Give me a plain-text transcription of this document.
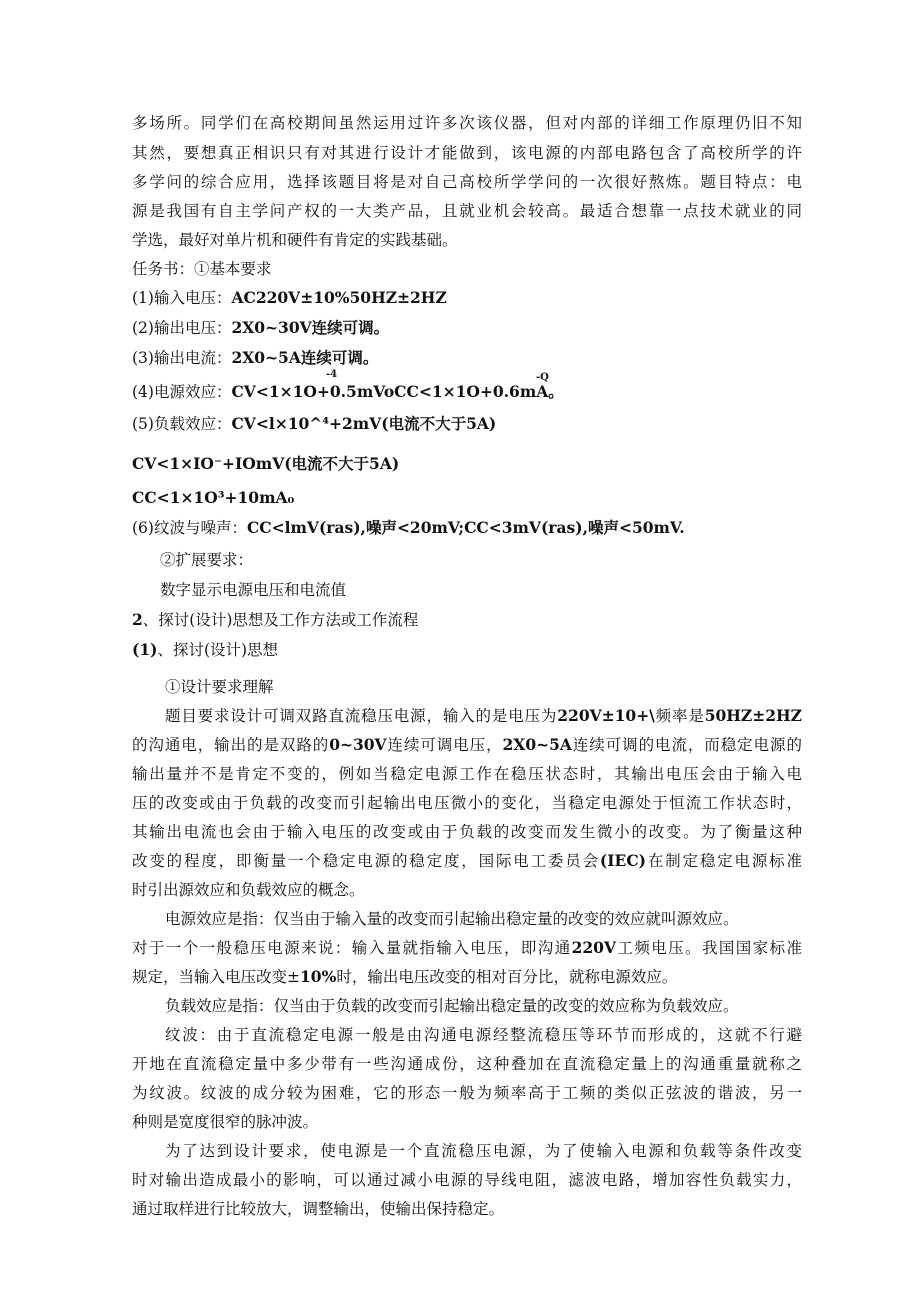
多场所。同学们在高校期间虽然运用过许多次该仪器，但对内部的详细工作原理仍旧不知
其然，要想真正相识只有对其进行设计才能做到，该电源的内部电路包含了高校所学的许
多学问的综合应用，选择该题目将是对自己高校所学学问的一次很好熬炼。题目特点：电
源是我国有自主学问产权的一大类产品，且就业机会较高。最适合想靠一点技术就业的同
学选，最好对单片机和硬件有肯定的实践基础。
任务书：①基本要求
(1)输入电压：AC220V±10%50HZ±2HZ
(2)输出电压：2X0~30V连续可调。
(3)输出电流：2X0~5A连续可调。
-4	-Q
(4)电源效应：CV<1×1O+0.5mVoCC<1×1O+0.6mA。
(5)负载效应：CV<l×10^⁴+2mV(电流不大于5A)
CV<1×IO⁻+IOmV(电流不大于5A)
CC<1×1O³+10mA₀
(6)纹波与噪声：CC<lmV(ras),噪声<20mV;CC<3mV(ras),噪声<50mV.
②扩展要求：
数字显示电源电压和电流值
2、探讨(设计)思想及工作方法或工作流程
(1)、探讨(设计)思想
①设计要求理解
题目要求设计可调双路直流稳压电源，输入的是电压为220V±10+\频率是50HZ±2HZ
的沟通电，输出的是双路的0~30V连续可调电压，2X0~5A连续可调的电流，而稳定电源的
输出量并不是肯定不变的，例如当稳定电源工作在稳压状态时，其输出电压会由于输入电
压的改变或由于负载的改变而引起输出电压微小的变化，当稳定电源处于恒流工作状态时，
其输出电流也会由于输入电压的改变或由于负载的改变而发生微小的改变。为了衡量这种
改变的程度，即衡量一个稳定电源的稳定度，国际电工委员会(IEC)在制定稳定电源标准
时引出源效应和负载效应的概念。
电源效应是指：仅当由于输入量的改变而引起输出稳定量的改变的效应就叫源效应。
对于一个一般稳压电源来说：输入量就指输入电压，即沟通220V工频电压。我国国家标准
规定，当输入电压改变±10%时，输出电压改变的相对百分比，就称电源效应。
负载效应是指：仅当由于负载的改变而引起输出稳定量的改变的效应称为负载效应。
纹波：由于直流稳定电源一般是由沟通电源经整流稳压等环节而形成的，这就不行避
开地在直流稳定量中多少带有一些沟通成份，这种叠加在直流稳定量上的沟通重量就称之
为纹波。纹波的成分较为困难，它的形态一般为频率高于工频的类似正弦波的谐波，另一
种则是宽度很窄的脉冲波。
为了达到设计要求，使电源是一个直流稳压电源，为了使输入电源和负载等条件改变
时对输出造成最小的影响，可以通过减小电源的导线电阻，滤波电路，增加容性负载实力，
通过取样进行比较放大，调整输出，使输出保持稳定。
